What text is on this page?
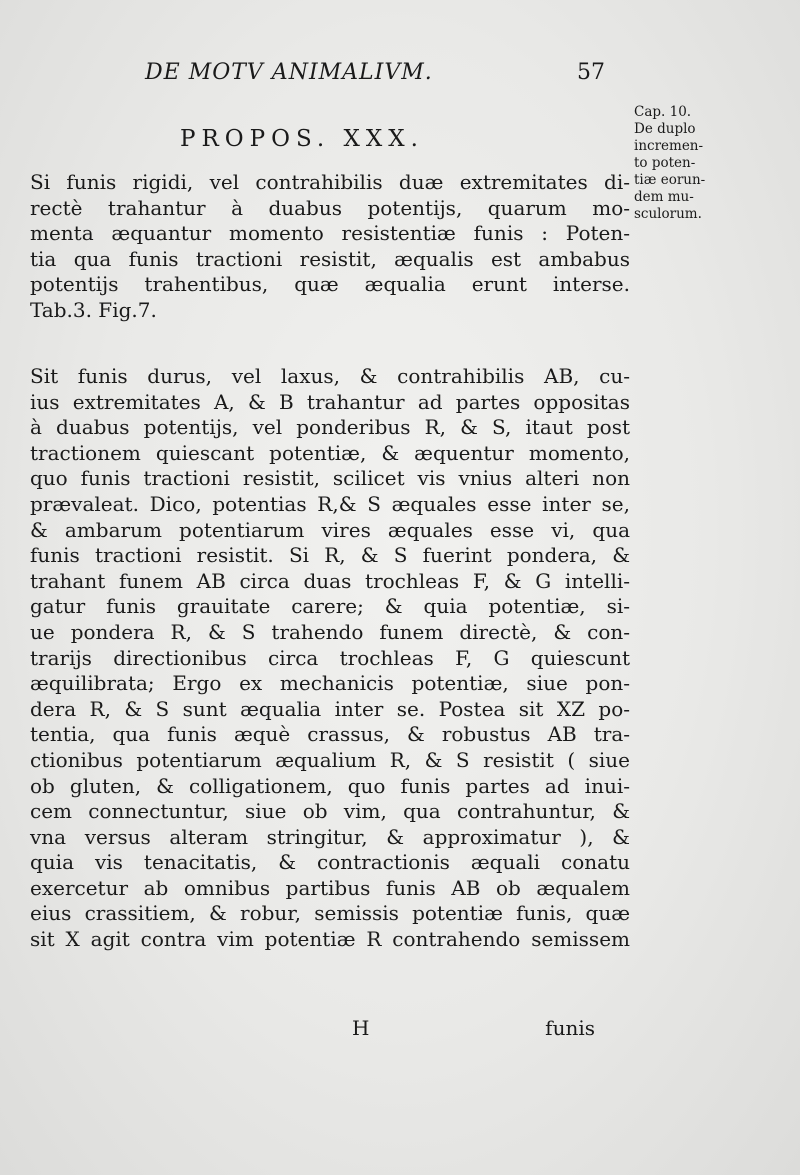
DE MOTV ANIMALIVM.	57
Cap. 10.
De duplo
incremen-
to poten-
tiæ eorun-
dem mu-
sculorum.
PROPOS. XXX.
Si funis rigidi, vel contrahibilis duæ extremitates di-
rectè trahantur à duabus potentijs, quarum mo-
menta æquantur momento resistentiæ funis : Poten-
tia qua funis tractioni resistit, æqualis est ambabus
potentijs trahentibus, quæ æqualia erunt interse.
Tab.3. Fig.7.
Sit funis durus, vel laxus, & contrahibilis AB, cu-
ius extremitates A, & B trahantur ad partes oppositas
à duabus potentijs, vel ponderibus R, & S, itaut post
tractionem quiescant potentiæ, & æquentur momento,
quo funis tractioni resistit, scilicet vis vnius alteri non
prævaleat. Dico, potentias R,& S æquales esse inter se,
& ambarum potentiarum vires æquales esse vi, qua
funis tractioni resistit. Si R, & S fuerint pondera, &
trahant funem AB circa duas trochleas F, & G intelli-
gatur funis grauitate carere; & quia potentiæ, si-
ue pondera R, & S trahendo funem directè, & con-
trarijs directionibus circa trochleas F, G quiescunt
æquilibrata; Ergo ex mechanicis potentiæ, siue pon-
dera R, & S sunt æqualia inter se. Postea sit XZ po-
tentia, qua funis æquè crassus, & robustus AB tra-
ctionibus potentiarum æqualium R, & S resistit ( siue
ob gluten, & colligationem, quo funis partes ad inui-
cem connectuntur, siue ob vim, qua contrahuntur, &
vna versus alteram stringitur, & approximatur ), &
quia vis tenacitatis, & contractionis æquali conatu
exercetur ab omnibus partibus funis AB ob æqualem
eius crassitiem, & robur, semissis potentiæ funis, quæ
sit X agit contra vim potentiæ R contrahendo semissem
H	funis
